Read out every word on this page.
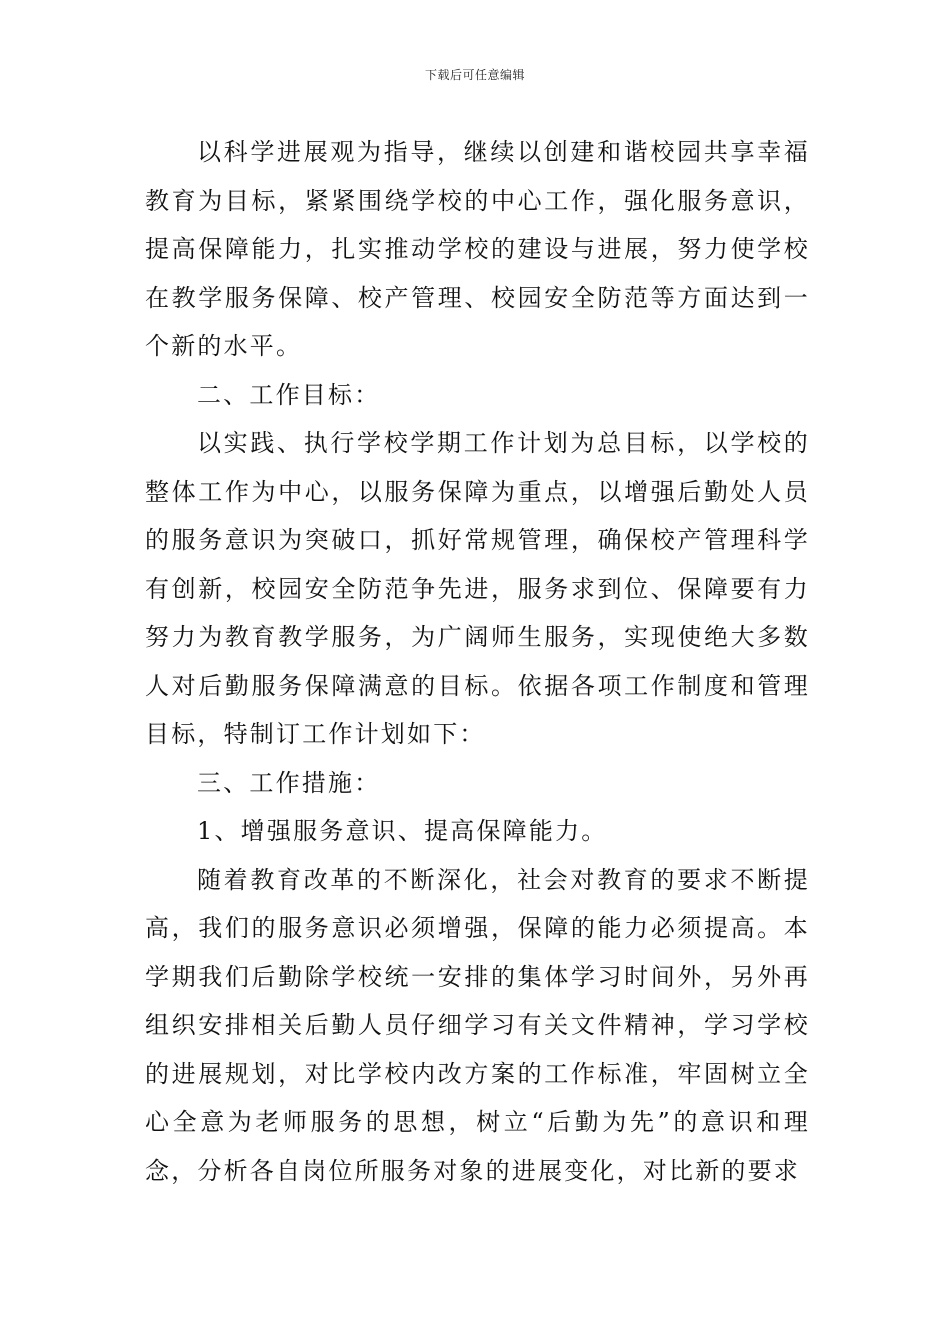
下载后可任意编辑

以科学进展观为指导，继续以创建和谐校园共享幸福教育为目标，紧紧围绕学校的中心工作，强化服务意识，提高保障能力，扎实推动学校的建设与进展，努力使学校在教学服务保障、校产管理、校园安全防范等方面达到一个新的水平。

二、工作目标：

以实践、执行学校学期工作计划为总目标，以学校的整体工作为中心，以服务保障为重点，以增强后勤处人员的服务意识为突破口，抓好常规管理，确保校产管理科学有创新，校园安全防范争先进，服务求到位、保障要有力努力为教育教学服务，为广阔师生服务，实现使绝大多数人对后勤服务保障满意的目标。依据各项工作制度和管理目标，特制订工作计划如下：

三、工作措施：

1、增强服务意识、提高保障能力。

随着教育改革的不断深化，社会对教育的要求不断提高，我们的服务意识必须增强，保障的能力必须提高。本学期我们后勤除学校统一安排的集体学习时间外，另外再组织安排相关后勤人员仔细学习有关文件精神，学习学校的进展规划，对比学校内改方案的工作标准，牢固树立全心全意为老师服务的思想，树立“后勤为先”的意识和理念，分析各自岗位所服务对象的进展变化，对比新的要求
